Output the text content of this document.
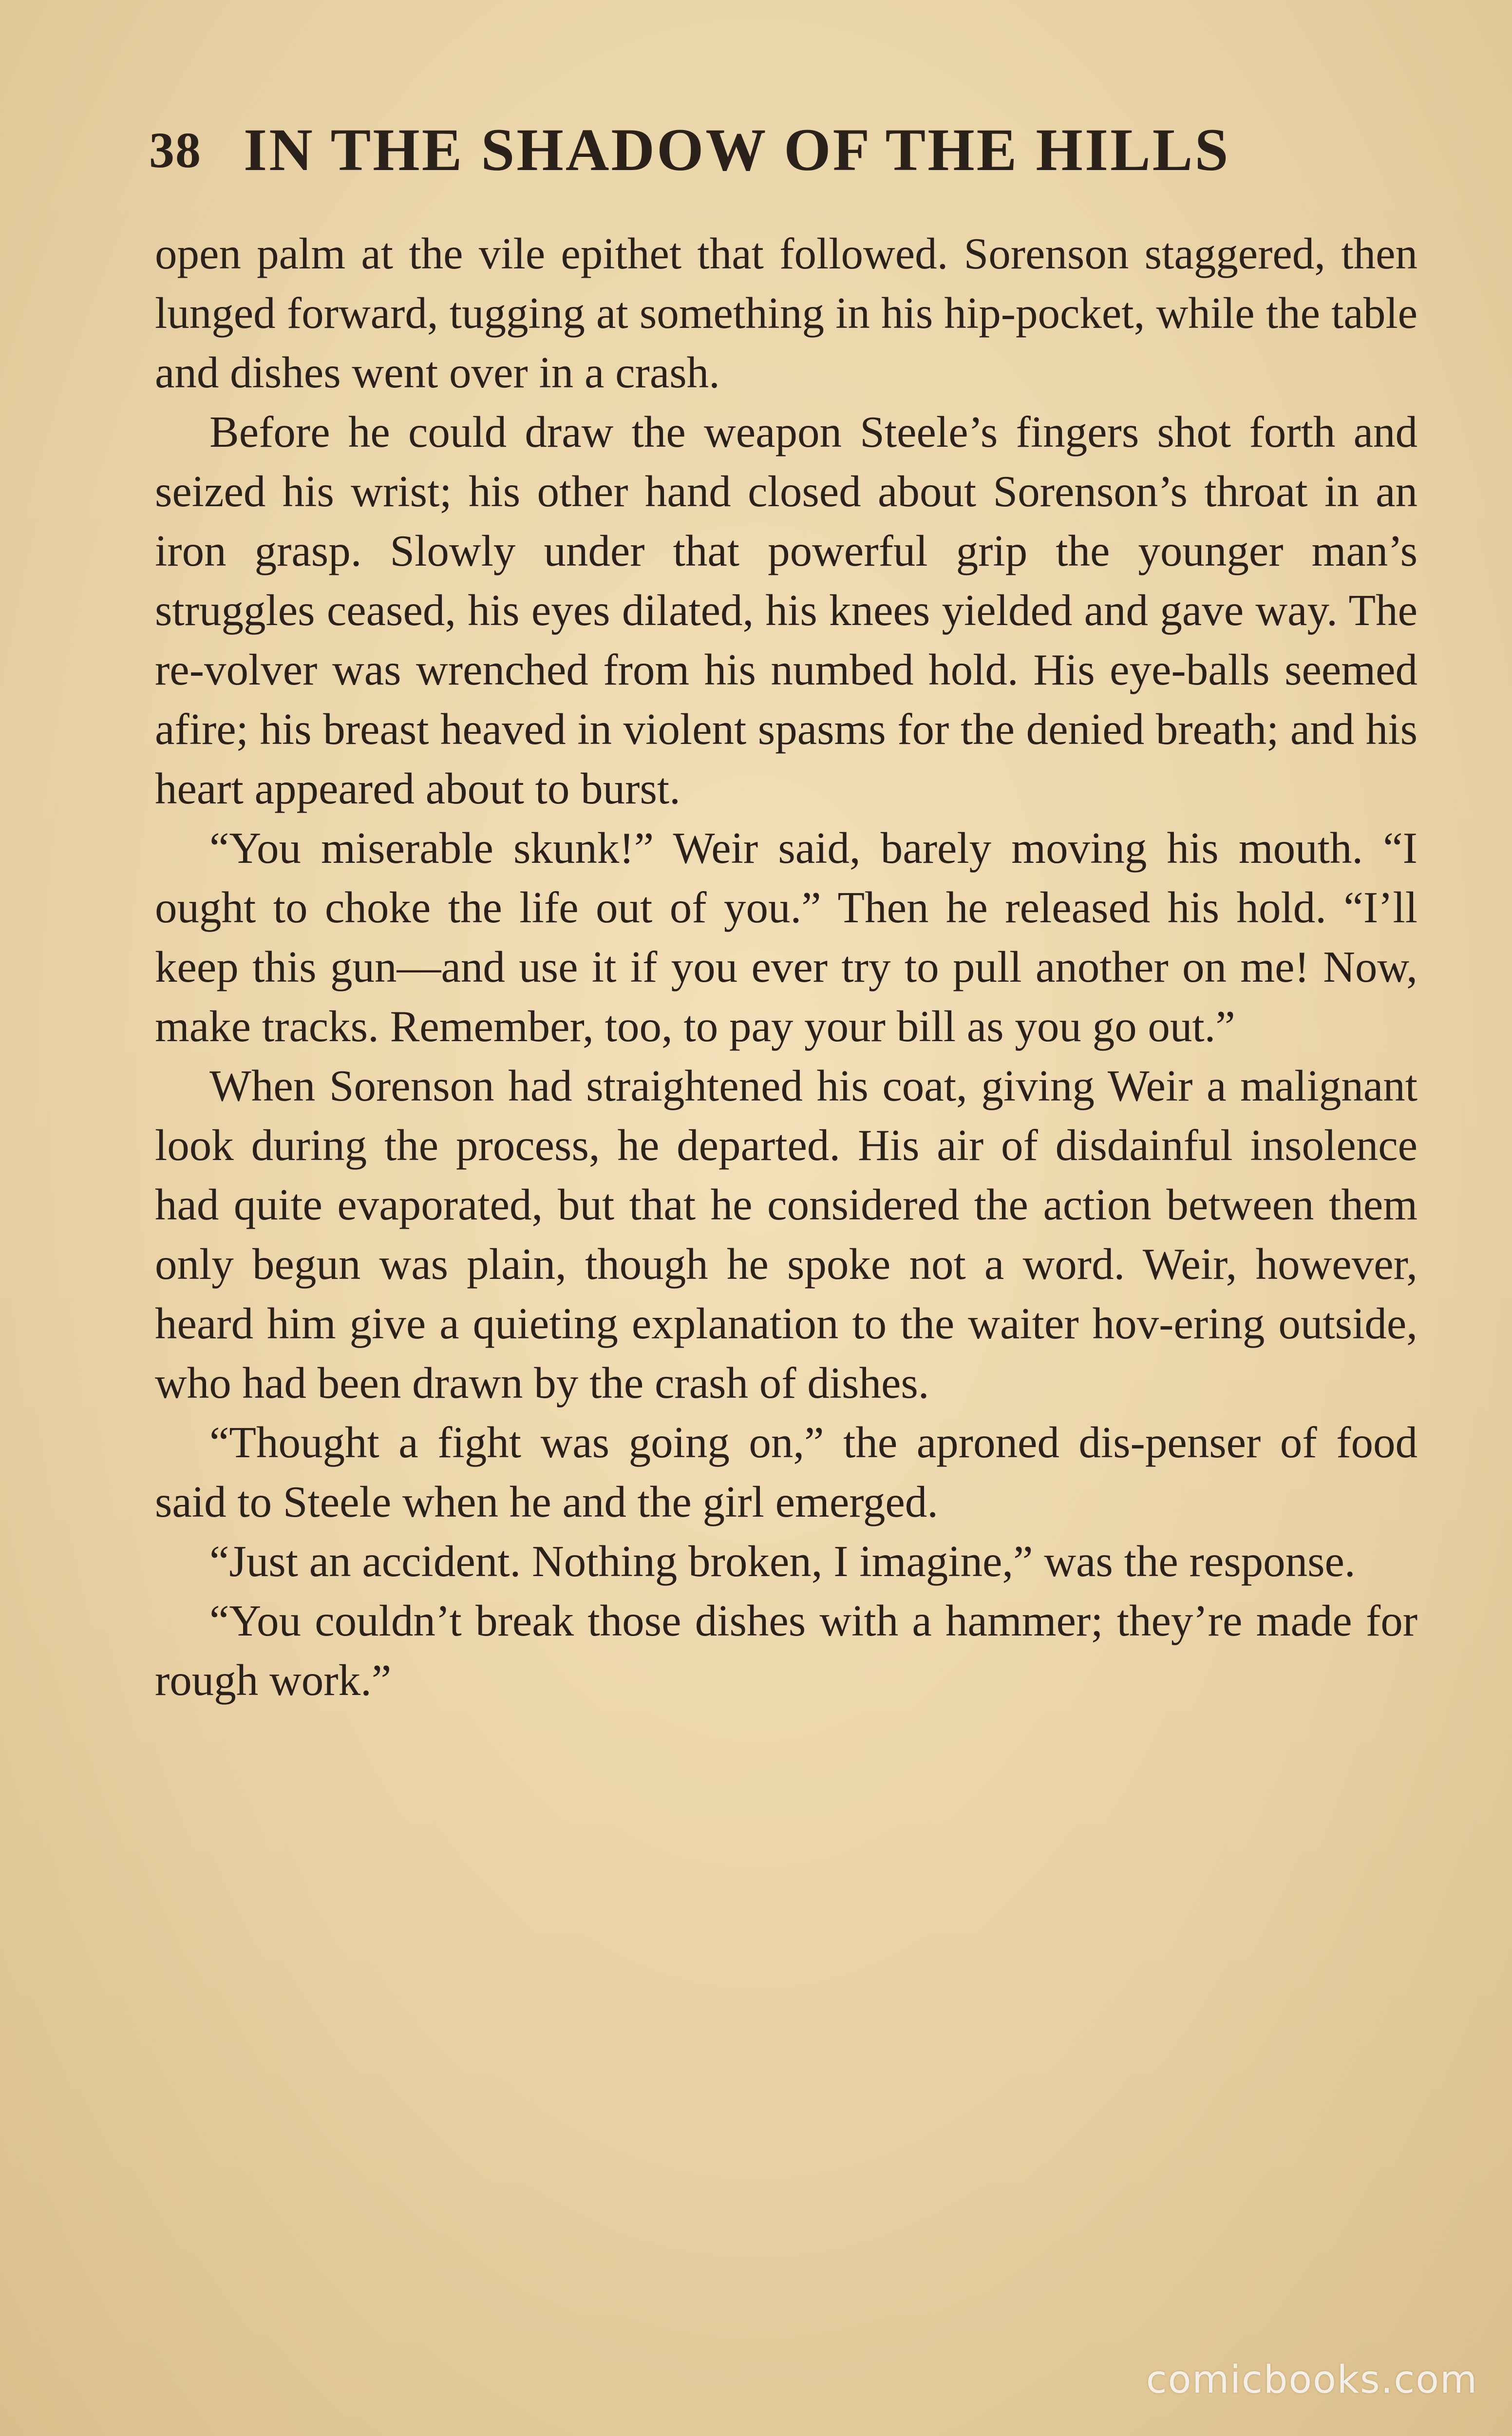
38 IN THE SHADOW OF THE HILLS

open palm at the vile epithet that followed. Sorenson staggered, then lunged forward, tugging at something in his hip-pocket, while the table and dishes went over in a crash.

Before he could draw the weapon Steele’s fingers shot forth and seized his wrist; his other hand closed about Sorenson’s throat in an iron grasp. Slowly under that powerful grip the younger man’s struggles ceased, his eyes dilated, his knees yielded and gave way. The re-volver was wrenched from his numbed hold. His eye-balls seemed afire; his breast heaved in violent spasms for the denied breath; and his heart appeared about to burst.

“You miserable skunk!” Weir said, barely moving his mouth. “I ought to choke the life out of you.” Then he released his hold. “I’ll keep this gun—and use it if you ever try to pull another on me! Now, make tracks. Remember, too, to pay your bill as you go out.”

When Sorenson had straightened his coat, giving Weir a malignant look during the process, he departed. His air of disdainful insolence had quite evaporated, but that he considered the action between them only begun was plain, though he spoke not a word. Weir, however, heard him give a quieting explanation to the waiter hov-ering outside, who had been drawn by the crash of dishes.

“Thought a fight was going on,” the aproned dis-penser of food said to Steele when he and the girl emerged.

“Just an accident. Nothing broken, I imagine,” was the response.

“You couldn’t break those dishes with a hammer; they’re made for rough work.”

comicbooks.com
